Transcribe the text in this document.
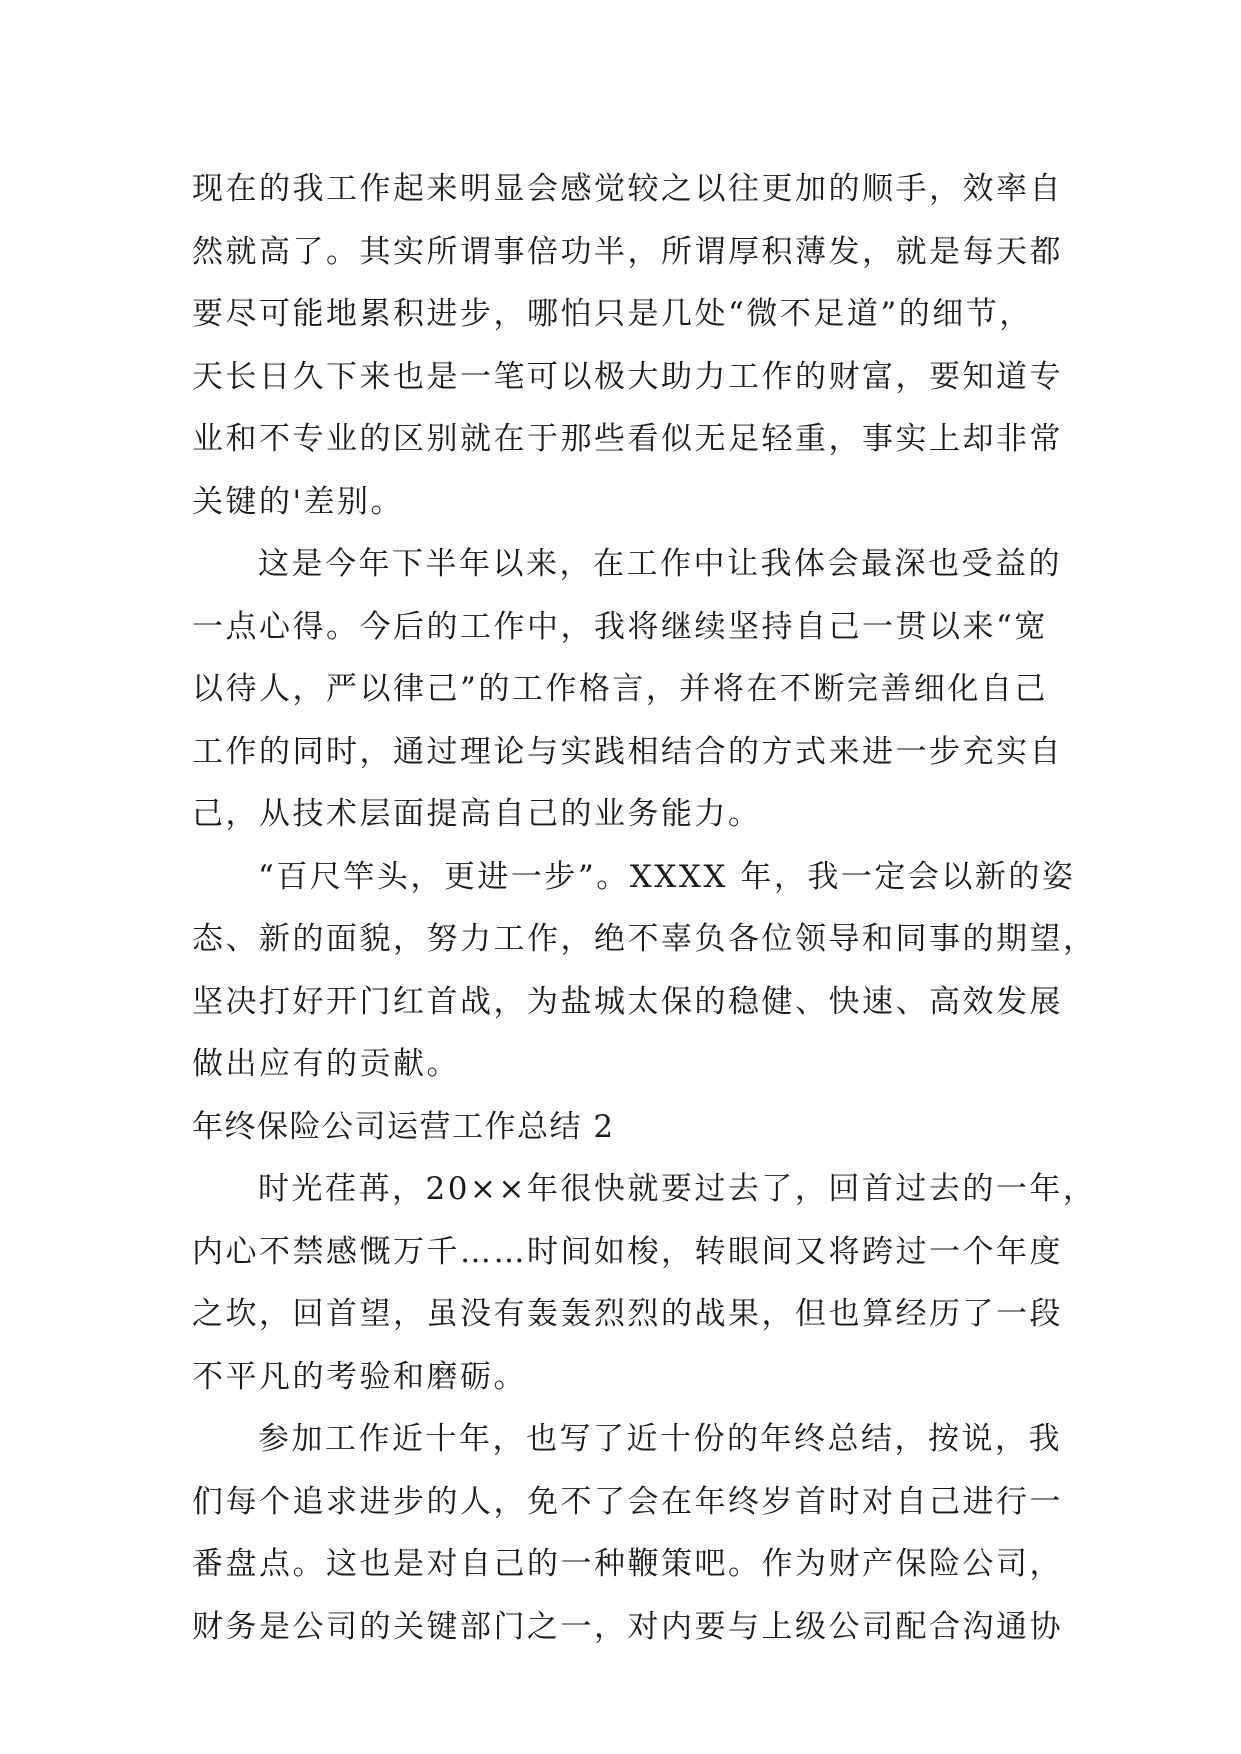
现在的我工作起来明显会感觉较之以往更加的顺手，效率自
然就高了。其实所谓事倍功半，所谓厚积薄发，就是每天都
要尽可能地累积进步，哪怕只是几处“微不足道”的细节，
天长日久下来也是一笔可以极大助力工作的财富，要知道专
业和不专业的区别就在于那些看似无足轻重，事实上却非常
关键的'差别。
这是今年下半年以来，在工作中让我体会最深也受益的
一点心得。今后的工作中，我将继续坚持自己一贯以来“宽
以待人，严以律己”的工作格言，并将在不断完善细化自己
工作的同时，通过理论与实践相结合的方式来进一步充实自
己，从技术层面提高自己的业务能力。
“百尺竿头，更进一步”。XXXX 年，我一定会以新的姿
态、新的面貌，努力工作，绝不辜负各位领导和同事的期望，
坚决打好开门红首战，为盐城太保的稳健、快速、高效发展
做出应有的贡献。
年终保险公司运营工作总结 2
时光荏苒，20××年很快就要过去了，回首过去的一年，
内心不禁感慨万千……时间如梭，转眼间又将跨过一个年度
之坎，回首望，虽没有轰轰烈烈的战果，但也算经历了一段
不平凡的考验和磨砺。
参加工作近十年，也写了近十份的年终总结，按说，我
们每个追求进步的人，免不了会在年终岁首时对自己进行一
番盘点。这也是对自己的一种鞭策吧。作为财产保险公司，
财务是公司的关键部门之一，对内要与上级公司配合沟通协
